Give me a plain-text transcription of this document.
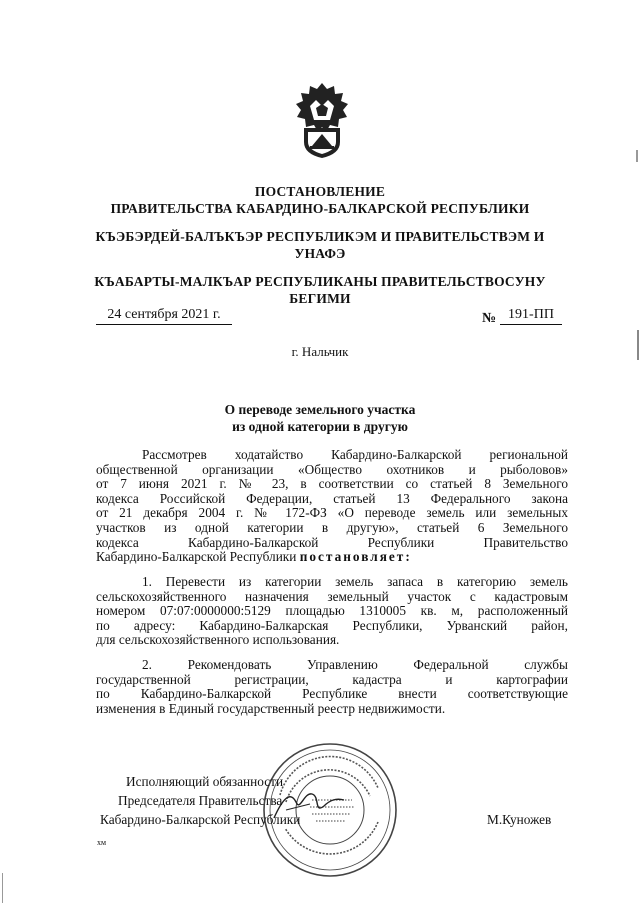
ПОСТАНОВЛЕНИЕ
ПРАВИТЕЛЬСТВА КАБАРДИНО-БАЛКАРСКОЙ РЕСПУБЛИКИ
КЪЭБЭРДЕЙ-БАЛЪКЪЭР РЕСПУБЛИКЭМ И ПРАВИТЕЛЬСТВЭМ И
УНАФЭ
КЪАБАРТЫ-МАЛКЪАР РЕСПУБЛИКАНЫ ПРАВИТЕЛЬСТВОСУНУ
БЕГИМИ
24 сентября 2021 г.	№ 191-ПП
г. Нальчик
О переводе земельного участка
из одной категории в другую
Рассмотрев ходатайство Кабардино-Балкарской региональной
общественной организации «Общество охотников и рыболовов»
от 7 июня 2021 г. № 23, в соответствии со статьей 8 Земельного
кодекса Российской Федерации, статьей 13 Федерального закона
от 21 декабря 2004 г. № 172-ФЗ «О переводе земель или земельных
участков из одной категории в другую», статьей 6 Земельного
кодекса Кабардино-Балкарской Республики Правительство
Кабардино-Балкарской Республики постановляет:
1. Перевести из категории земель запаса в категорию земель
сельскохозяйственного назначения земельный участок с кадастровым
номером 07:07:0000000:5129 площадью 1310005 кв. м, расположенный
по адресу: Кабардино-Балкарская Республики, Урванский район,
для сельскохозяйственного использования.
2. Рекомендовать Управлению Федеральной службы
государственной регистрации, кадастра и картографии
по Кабардино-Балкарской Республике внести соответствующие
изменения в Единый государственный реестр недвижимости.
Исполняющий обязанности
Председателя Правительства
Кабардино-Балкарской Республики	М.Куножев
хм
